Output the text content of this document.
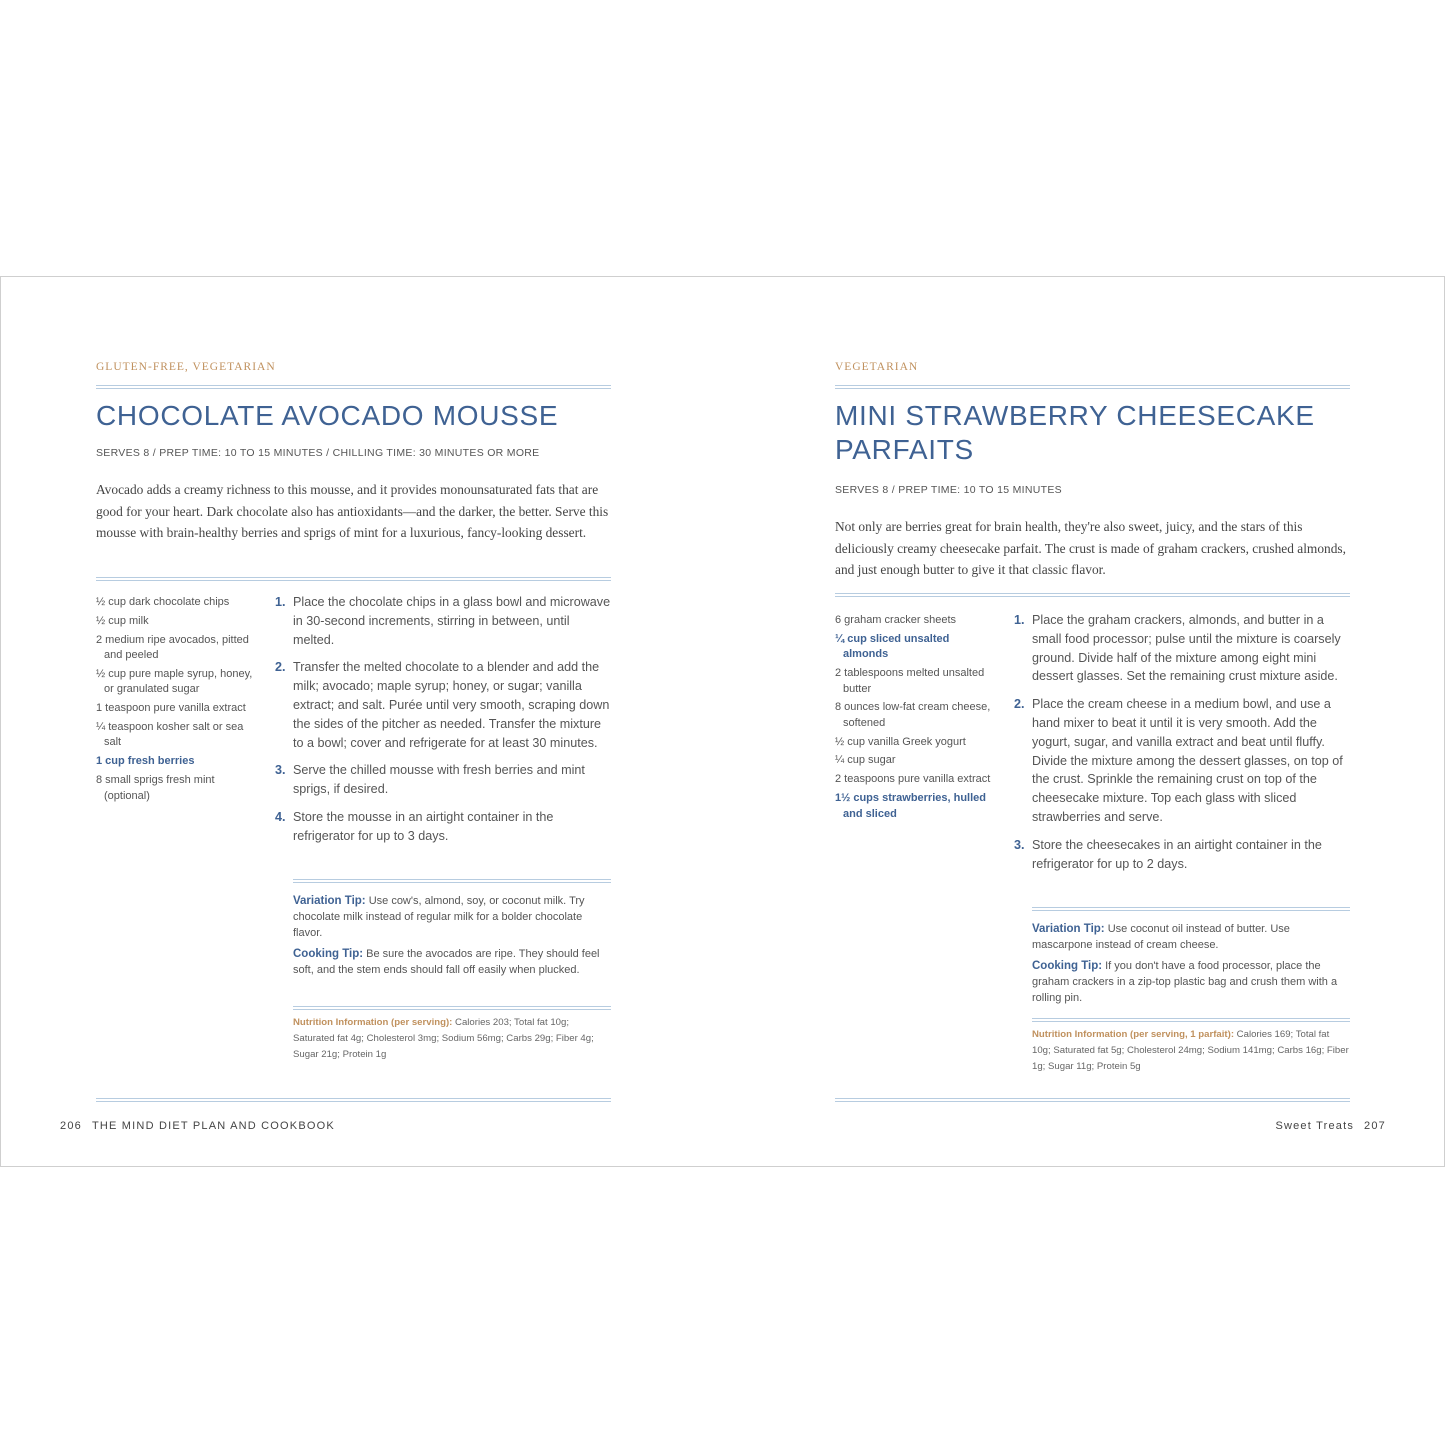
GLUTEN-FREE, VEGETARIAN
CHOCOLATE AVOCADO MOUSSE
SERVES 8 / PREP TIME: 10 TO 15 MINUTES / CHILLING TIME: 30 MINUTES OR MORE

Avocado adds a creamy richness to this mousse, and it provides monounsaturated fats that are good for your heart. Dark chocolate also has antioxidants—and the darker, the better. Serve this mousse with brain-healthy berries and sprigs of mint for a luxurious, fancy-looking dessert.

½ cup dark chocolate chips
½ cup milk
2 medium ripe avocados, pitted and peeled
½ cup pure maple syrup, honey, or granulated sugar
1 teaspoon pure vanilla extract
¼ teaspoon kosher salt or sea salt
1 cup fresh berries
8 small sprigs fresh mint (optional)
1. Place the chocolate chips in a glass bowl and microwave in 30-second increments, stirring in between, until melted.
2. Transfer the melted chocolate to a blender and add the milk; avocado; maple syrup; honey, or sugar; vanilla extract; and salt. Purée until very smooth, scraping down the sides of the pitcher as needed. Transfer the mixture to a bowl; cover and refrigerate for at least 30 minutes.
3. Serve the chilled mousse with fresh berries and mint sprigs, if desired.
4. Store the mousse in an airtight container in the refrigerator for up to 3 days.

Variation Tip: Use cow's, almond, soy, or coconut milk. Try chocolate milk instead of regular milk for a bolder chocolate flavor.

Cooking Tip: Be sure the avocados are ripe. They should feel soft, and the stem ends should fall off easily when plucked.

Nutrition Information (per serving): Calories 203; Total fat 10g; Saturated fat 4g; Cholesterol 3mg; Sodium 56mg; Carbs 29g; Fiber 4g; Sugar 21g; Protein 1g

206 THE MIND DIET PLAN AND COOKBOOK
VEGETARIAN
MINI STRAWBERRY CHEESECAKE PARFAITS
SERVES 8 / PREP TIME: 10 TO 15 MINUTES

Not only are berries great for brain health, they're also sweet, juicy, and the stars of this deliciously creamy cheesecake parfait. The crust is made of graham crackers, crushed almonds, and just enough butter to give it that classic flavor.

6 graham cracker sheets
¼ cup sliced unsalted almonds
2 tablespoons melted unsalted butter
8 ounces low-fat cream cheese, softened
½ cup vanilla Greek yogurt
¼ cup sugar
2 teaspoons pure vanilla extract
1½ cups strawberries, hulled and sliced
1. Place the graham crackers, almonds, and butter in a small food processor; pulse until the mixture is coarsely ground. Divide half of the mixture among eight mini dessert glasses. Set the remaining crust mixture aside.
2. Place the cream cheese in a medium bowl, and use a hand mixer to beat it until it is very smooth. Add the yogurt, sugar, and vanilla extract and beat until fluffy. Divide the mixture among the dessert glasses, on top of the crust. Sprinkle the remaining crust on top of the cheesecake mixture. Top each glass with sliced strawberries and serve.
3. Store the cheesecakes in an airtight container in the refrigerator for up to 2 days.

Variation Tip: Use coconut oil instead of butter. Use mascarpone instead of cream cheese.

Cooking Tip: If you don't have a food processor, place the graham crackers in a zip-top plastic bag and crush them with a rolling pin.

Nutrition Information (per serving, 1 parfait): Calories 169; Total fat 10g; Saturated fat 5g; Cholesterol 24mg; Sodium 141mg; Carbs 16g; Fiber 1g; Sugar 11g; Protein 5g

Sweet Treats 207
